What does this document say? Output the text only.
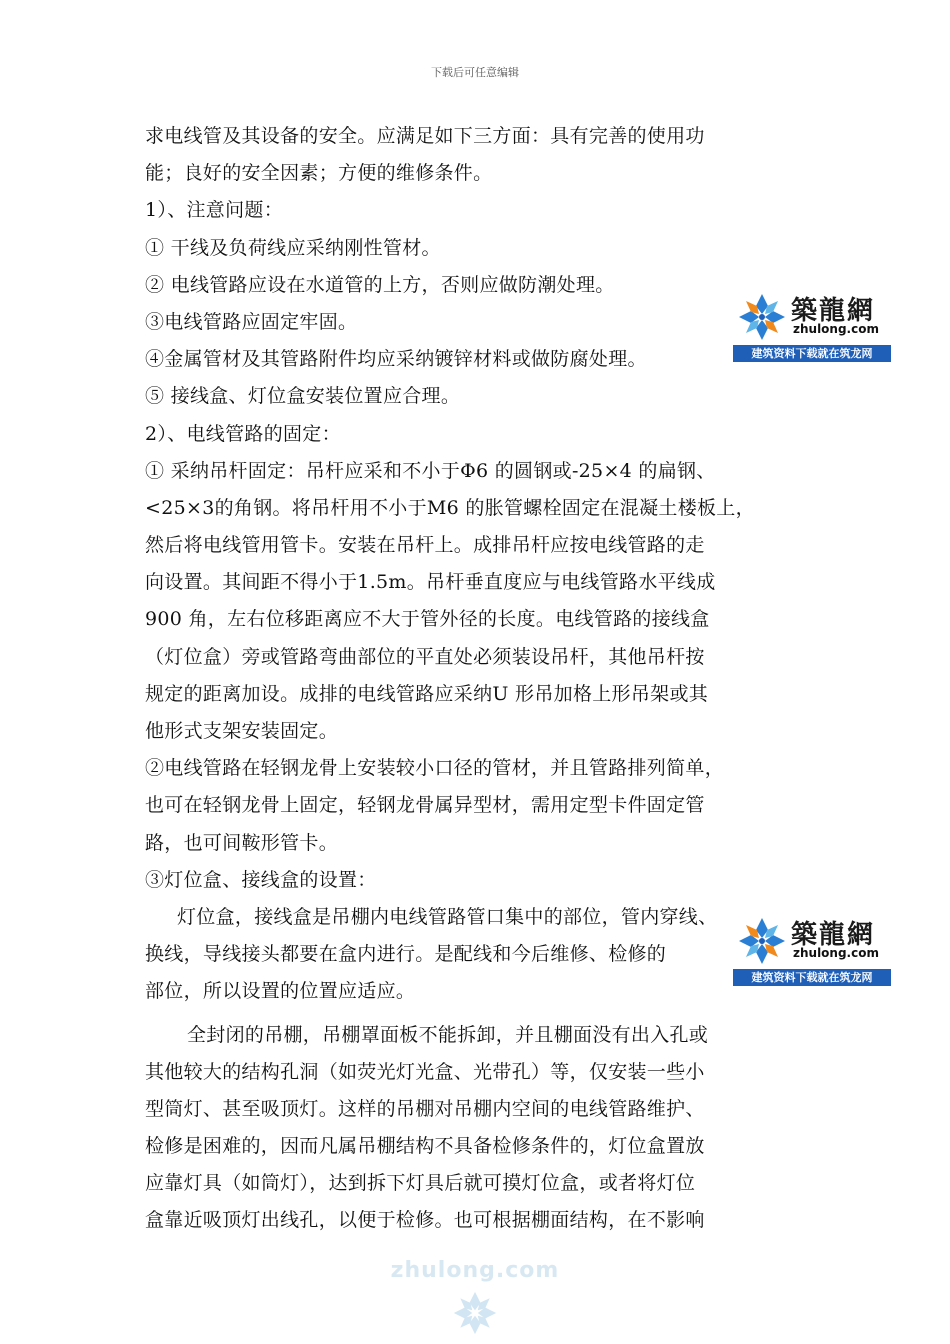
下载后可任意编辑
求电线管及其设备的安全。应满足如下三方面：具有完善的使用功
能；良好的安全因素；方便的维修条件。
1）、注意问题：
① 干线及负荷线应采纳刚性管材。
② 电线管路应设在水道管的上方，否则应做防潮处理。
③电线管路应固定牢固。
④金属管材及其管路附件均应采纳镀锌材料或做防腐处理。
⑤ 接线盒、灯位盒安装位置应合理。
2）、电线管路的固定：
① 采纳吊杆固定：吊杆应采和不小于Φ6 的圆钢或-25×4 的扁钢、
<25×3的角钢。将吊杆用不小于M6 的胀管螺栓固定在混凝土楼板上，
然后将电线管用管卡。安装在吊杆上。成排吊杆应按电线管路的走
向设置。其间距不得小于1.5m。吊杆垂直度应与电线管路水平线成
900 角，左右位移距离应不大于管外径的长度。电线管路的接线盒
（灯位盒）旁或管路弯曲部位的平直处必须装设吊杆，其他吊杆按
规定的距离加设。成排的电线管路应采纳U 形吊加格上形吊架或其
他形式支架安装固定。
②电线管路在轻钢龙骨上安装较小口径的管材，并且管路排列简单，
也可在轻钢龙骨上固定，轻钢龙骨属异型材，需用定型卡件固定管
路，也可间鞍形管卡。
③灯位盒、接线盒的设置：
灯位盒，接线盒是吊棚内电线管路管口集中的部位，管内穿线、
换线，导线接头都要在盒内进行。是配线和今后维修、检修的
部位，所以设置的位置应适应。
全封闭的吊棚，吊棚罩面板不能拆卸，并且棚面没有出入孔或
其他较大的结构孔洞（如荧光灯光盒、光带孔）等，仅安装一些小
型筒灯、甚至吸顶灯。这样的吊棚对吊棚内空间的电线管路维护、
检修是困难的，因而凡属吊棚结构不具备检修条件的，灯位盒置放
应靠灯具（如筒灯），达到拆下灯具后就可摸灯位盒，或者将灯位
盒靠近吸顶灯出线孔，以便于检修。也可根据棚面结构，在不影响
築龍網
zhulong.com
建筑资料下载就在筑龙网
築龍網
zhulong.com
建筑资料下载就在筑龙网
zhulong.com
